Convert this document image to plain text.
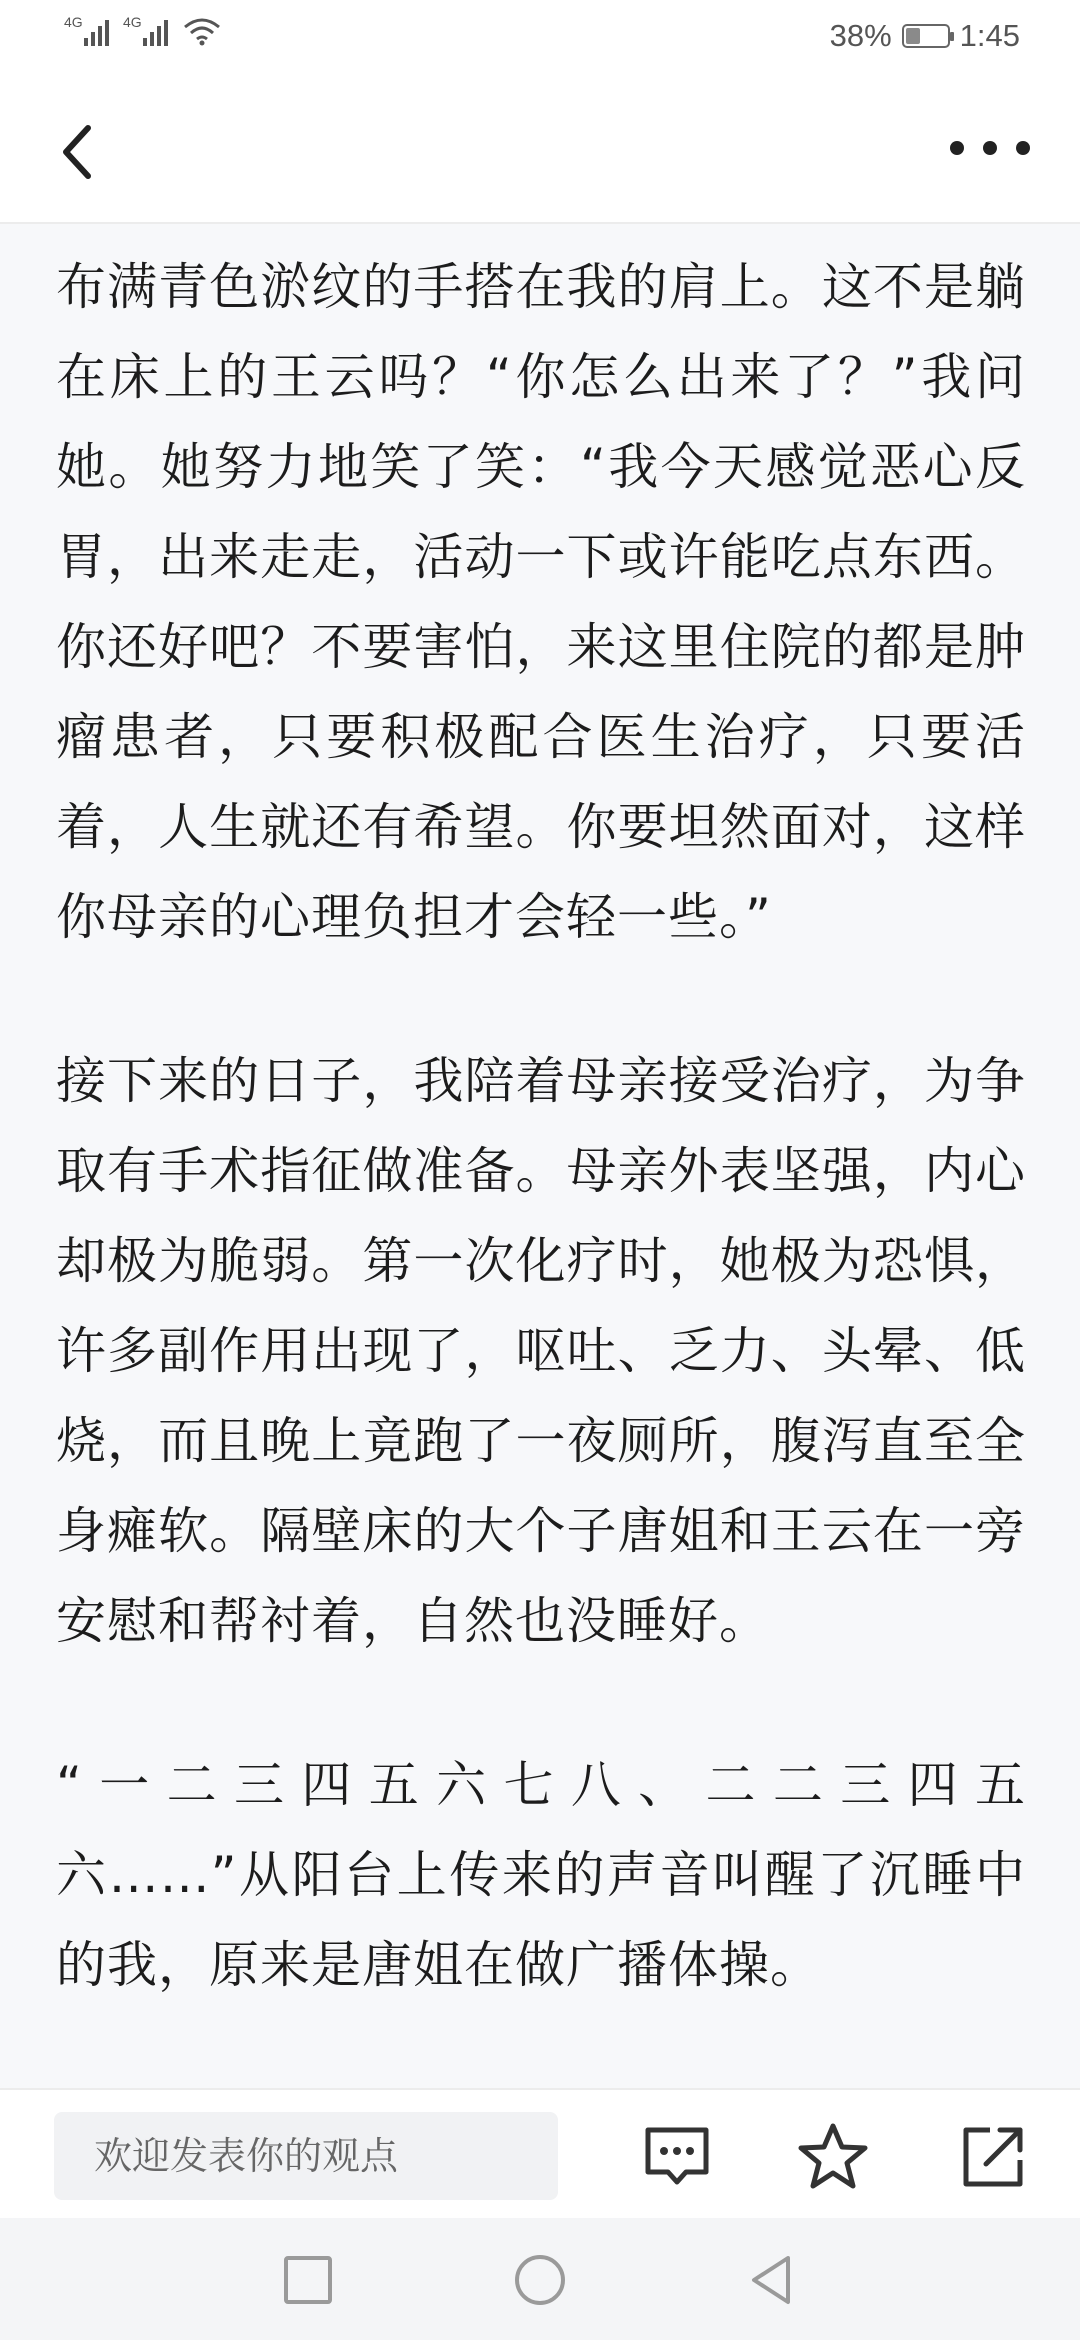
4G	4G	38% 1:45

布满青色淤纹的手搭在我的肩上。这不是躺在床上的王云吗？“你怎么出来了？”我问她。她努力地笑了笑：“我今天感觉恶心反胃，出来走走，活动一下或许能吃点东西。你还好吧？不要害怕，来这里住院的都是肿瘤患者，只要积极配合医生治疗，只要活着，人生就还有希望。你要坦然面对，这样你母亲的心理负担才会轻一些。”

接下来的日子，我陪着母亲接受治疗，为争取有手术指征做准备。母亲外表坚强，内心却极为脆弱。第一次化疗时，她极为恐惧，许多副作用出现了，呕吐、乏力、头晕、低烧，而且晚上竟跑了一夜厕所，腹泻直至全身瘫软。隔壁床的大个子唐姐和王云在一旁安慰和帮衬着，自然也没睡好。

“一二三四五六七八、二二三四五六……”从阳台上传来的声音叫醒了沉睡中的我，原来是唐姐在做广播体操。

欢迎发表你的观点
